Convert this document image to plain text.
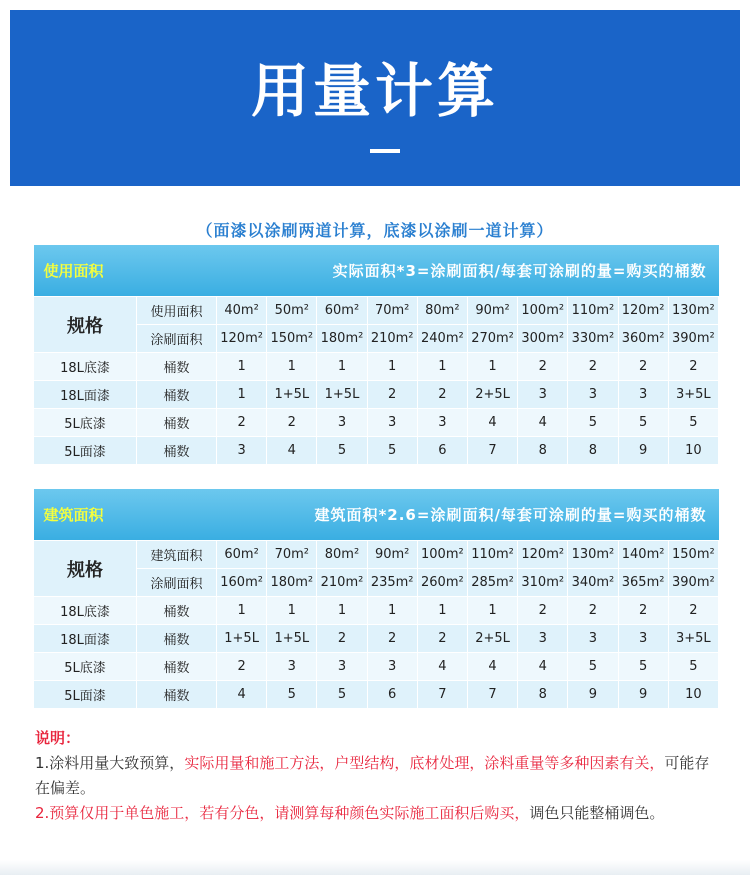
用量计算
（面漆以涂刷两道计算，底漆以涂刷一道计算）
使用面积		实际面积*3=涂刷面积/每套可涂刷的量=购买的桶数									
规格	使用面积	40m²	50m²	60m²	70m²	80m²	90m²	100m²	110m²	120m²	130m²
	涂刷面积	120m²	150m²	180m²	210m²	240m²	270m²	300m²	330m²	360m²	390m²
18L底漆	桶数	1	1	1	1	1	1	2	2	2	2
18L面漆	桶数	1	1+5L	1+5L	2	2	2+5L	3	3	3	3+5L
5L底漆	桶数	2	2	3	3	3	4	4	5	5	5
5L面漆	桶数	3	4	5	5	6	7	8	8	9	10
建筑面积		建筑面积*2.6=涂刷面积/每套可涂刷的量=购买的桶数									
规格	建筑面积	60m²	70m²	80m²	90m²	100m²	110m²	120m²	130m²	140m²	150m²
	涂刷面积	160m²	180m²	210m²	235m²	260m²	285m²	310m²	340m²	365m²	390m²
18L底漆	桶数	1	1	1	1	1	1	2	2	2	2
18L面漆	桶数	1+5L	1+5L	2	2	2	2+5L	3	3	3	3+5L
5L底漆	桶数	2	3	3	3	4	4	4	5	5	5
5L面漆	桶数	4	5	5	6	7	7	8	9	9	10
说明：
1.涂料用量大致预算，实际用量和施工方法，户型结构，底材处理，涂料重量等多种因素有关，可能存在偏差。
2.预算仅用于单色施工，若有分色，请测算每种颜色实际施工面积后购买，调色只能整桶调色。
